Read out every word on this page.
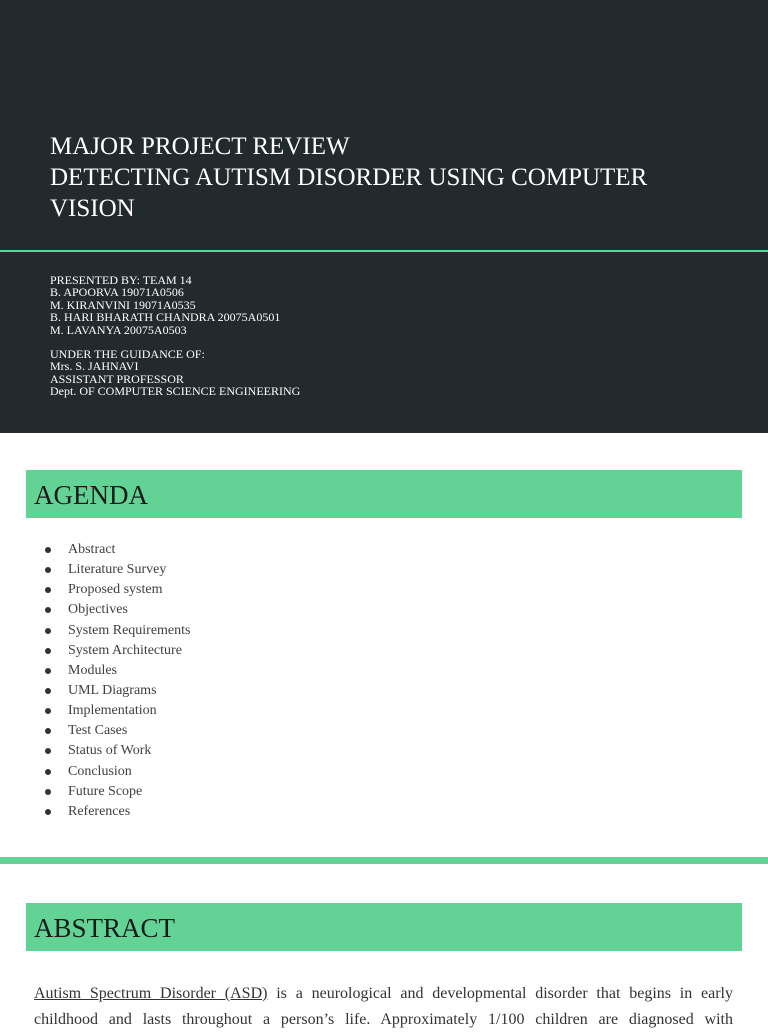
MAJOR PROJECT REVIEW
DETECTING AUTISM DISORDER USING COMPUTER
VISION
PRESENTED BY: TEAM 14
B. APOORVA 19071A0506
M. KIRANVINI 19071A0535
B. HARI BHARATH CHANDRA 20075A0501
M. LAVANYA 20075A0503
UNDER THE GUIDANCE OF:
Mrs. S. JAHNAVI
ASSISTANT PROFESSOR
Dept. OF COMPUTER SCIENCE ENGINEERING
AGENDA
Abstract
Literature Survey
Proposed system
Objectives
System Requirements
System Architecture
Modules
UML Diagrams
Implementation
Test Cases
Status of Work
Conclusion
Future Scope
References
ABSTRACT
Autism Spectrum Disorder (ASD) is a neurological and developmental disorder that begins in early
childhood and lasts throughout a person’s life. Approximately 1/100 children are diagnosed with
